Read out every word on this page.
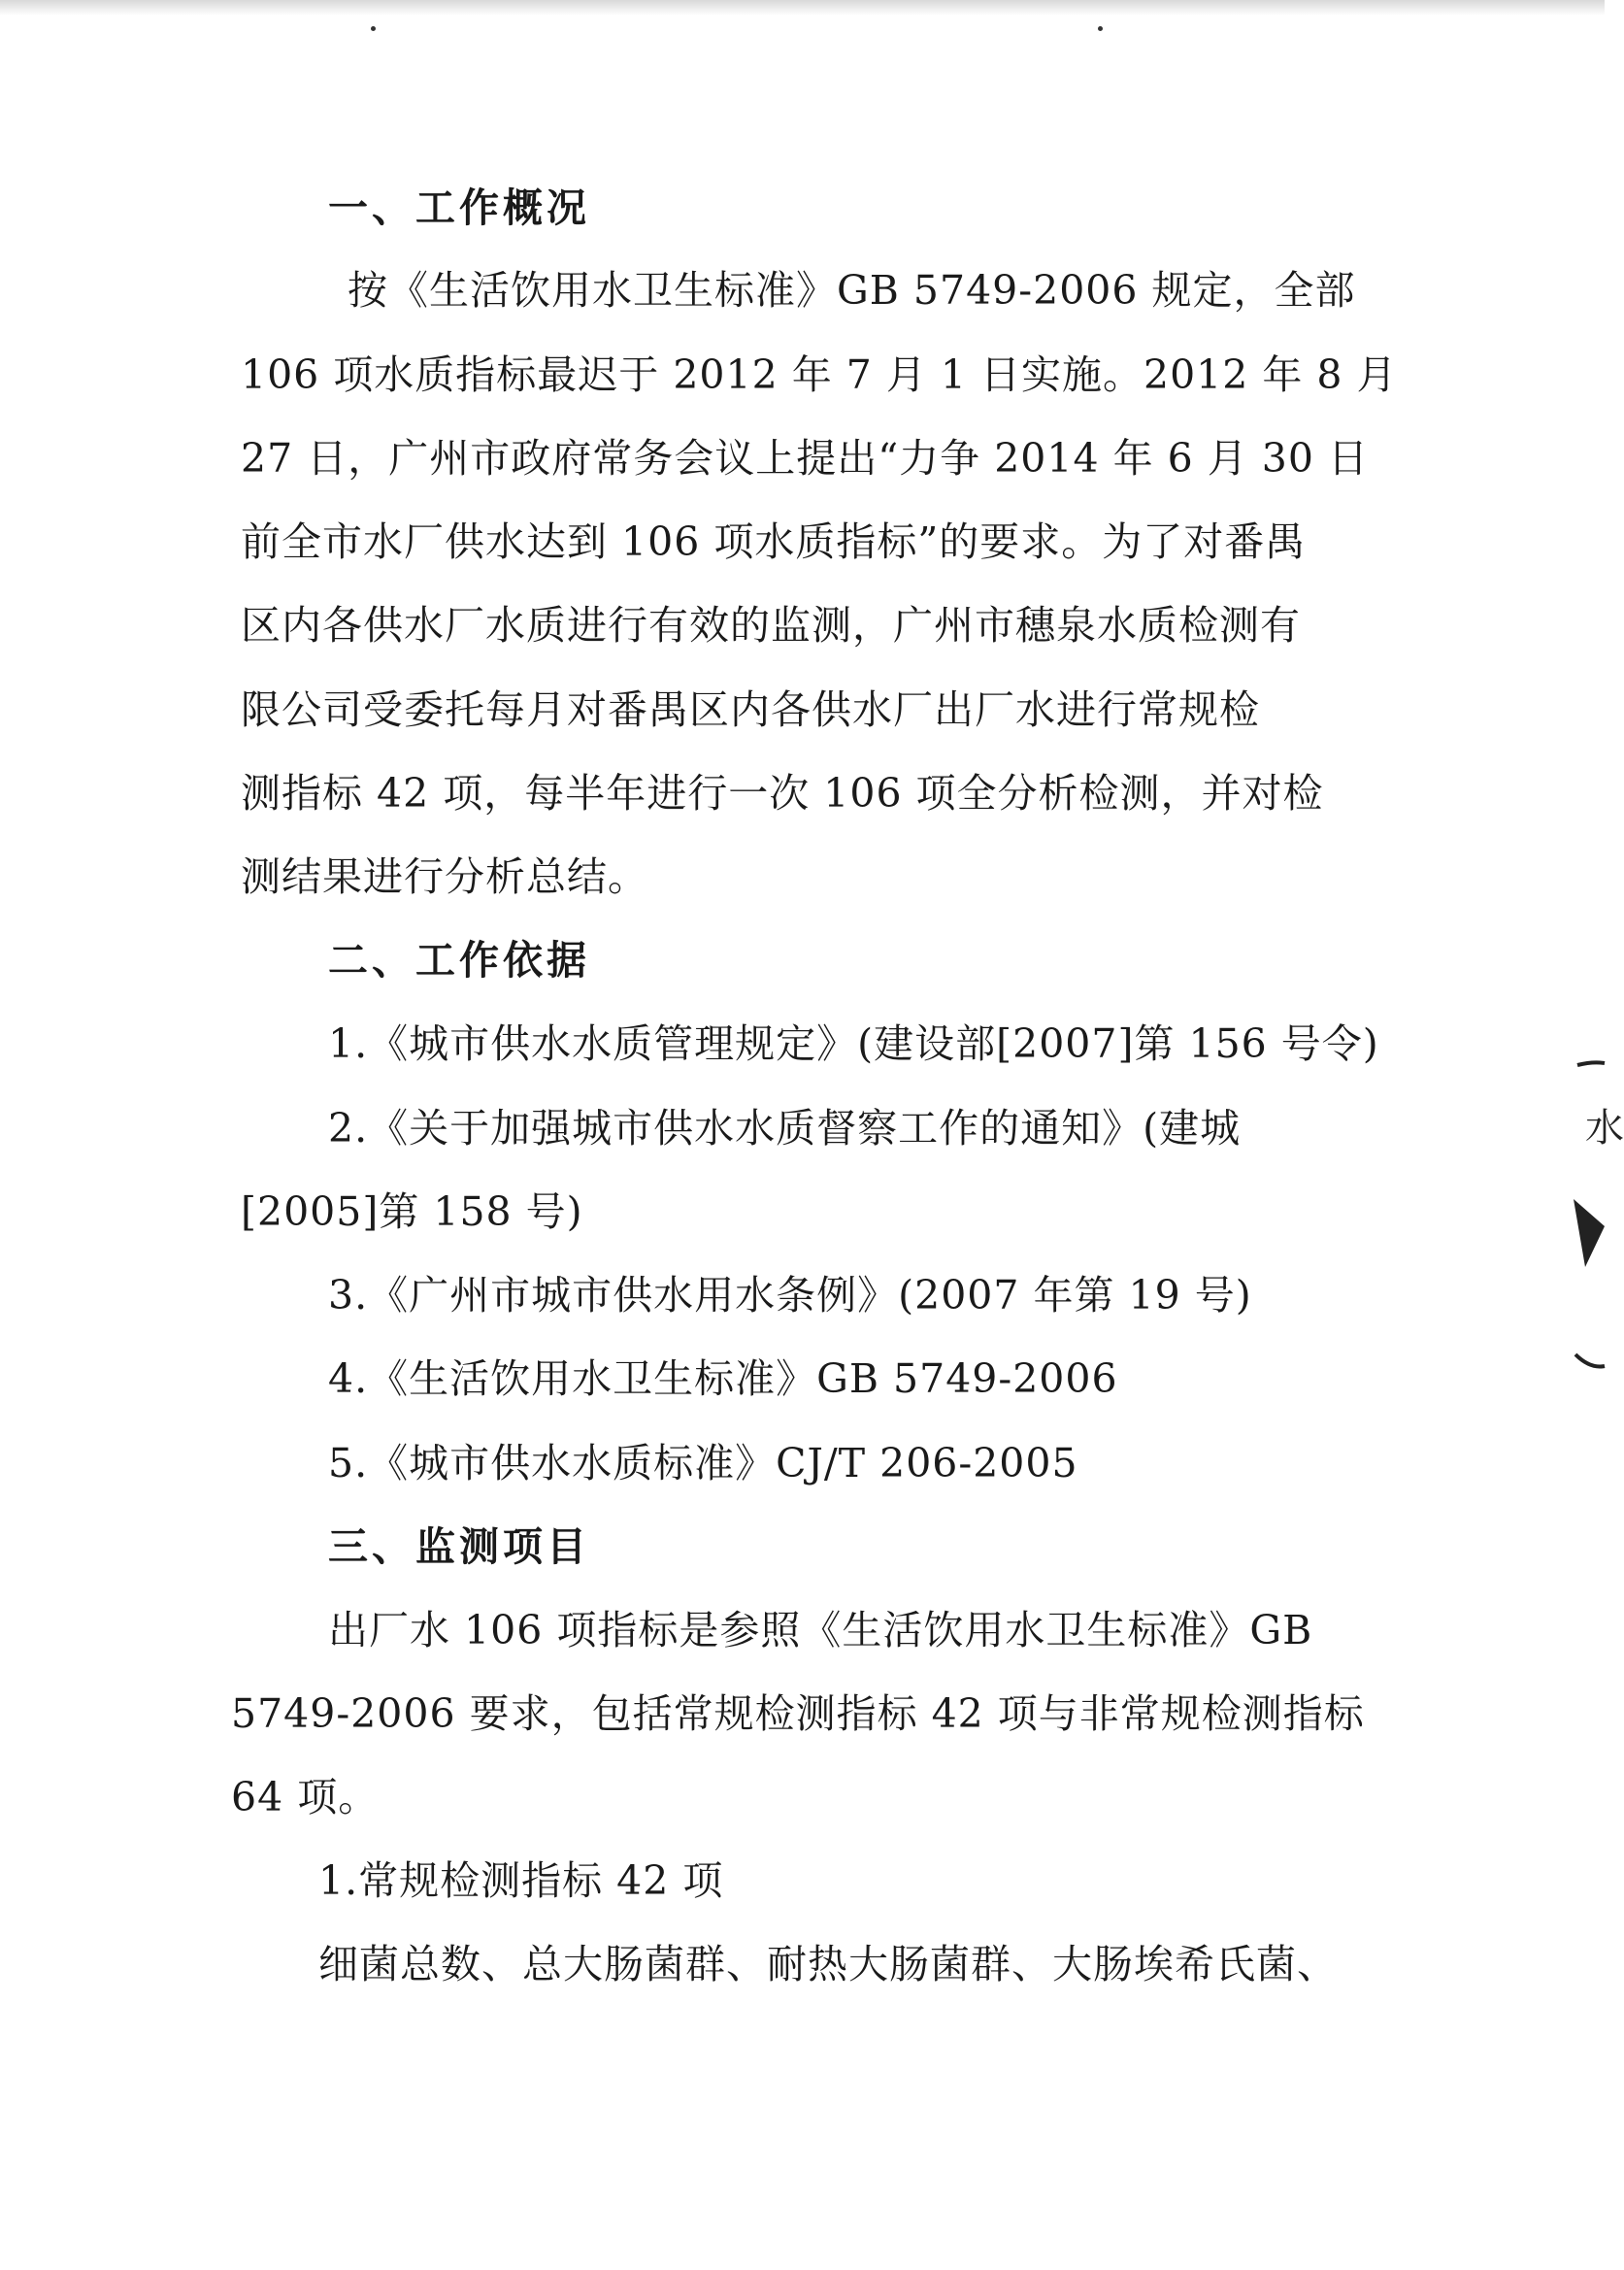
一、工作概况
按《生活饮用水卫生标准》GB 5749-2006 规定，全部
106 项水质指标最迟于 2012 年 7 月 1 日实施。2012 年 8 月
27 日，广州市政府常务会议上提出“力争 2014 年 6 月 30 日
前全市水厂供水达到 106 项水质指标”的要求。为了对番禺
区内各供水厂水质进行有效的监测，广州市穗泉水质检测有
限公司受委托每月对番禺区内各供水厂出厂水进行常规检
测指标 42 项，每半年进行一次 106 项全分析检测，并对检
测结果进行分析总结。
二、工作依据
1.《城市供水水质管理规定》(建设部[2007]第 156 号令)
2.《关于加强城市供水水质督察工作的通知》(建城
[2005]第 158 号)
3.《广州市城市供水用水条例》(2007 年第 19 号)
4.《生活饮用水卫生标准》GB 5749-2006
5.《城市供水水质标准》CJ/T 206-2005
三、监测项目
出厂水 106 项指标是参照《生活饮用水卫生标准》GB
5749-2006 要求，包括常规检测指标 42 项与非常规检测指标
64 项。
1.常规检测指标 42 项
细菌总数、总大肠菌群、耐热大肠菌群、大肠埃希氏菌、
水
